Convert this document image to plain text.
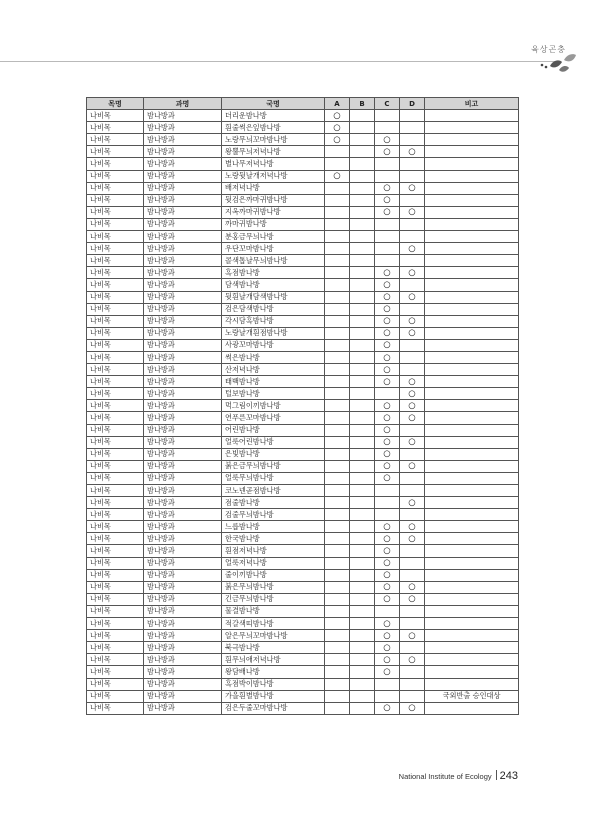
육상곤충
목명	과명	국명	A	B	C	D	비고
나비목	밤나방과	더리운밤나방	○				
나비목	밤나방과	흰줄썩은잎밤나방	○				
나비목	밤나방과	노랑무늬꼬마밤나방	○		○		
나비목	밤나방과	왕뿔무늬저녁나방			○	○	
나비목	밤나방과	별나무저녁나방					
나비목	밤나방과	노랑뒷날개저녁나방	○				
나비목	밤나방과	배저녁나방			○	○	
나비목	밤나방과	뒷검은까마귀밤나방			○		
나비목	밤나방과	지옥까마귀밤나방			○	○	
나비목	밤나방과	까마귀밤나방					
나비목	밤나방과	분홍금무늬나방					
나비목	밤나방과	우단꼬마밤나방				○	
나비목	밤나방과	콜색톱날무늬밤나방					
나비목	밤나방과	흑점밤나방			○	○	
나비목	밤나방과	담색밤나방			○		
나비목	밤나방과	뒷흰날개담색밤나방			○	○	
나비목	밤나방과	검은담색밤나방			○		
나비목	밤나방과	각시담흑밤나방			○	○	
나비목	밤나방과	노랑날개흰점밤나방			○	○	
나비목	밤나방과	사광꼬마밤나방			○		
나비목	밤나방과	썩은밤나방			○		
나비목	밤나방과	산저녁나방			○		
나비목	밤나방과	태백밤나방			○	○	
나비목	밤나방과	털보밤나방				○	
나비목	밤나방과	먹그림이끼밤나방			○	○	
나비목	밤나방과	연푸른꼬마밤나방			○	○	
나비목	밤나방과	어린밤나방			○		
나비목	밤나방과	얼룩어린밤나방			○	○	
나비목	밤나방과	은빛밤나방			○		
나비목	밤나방과	붉은금무늬밤나방			○	○	
나비목	밤나방과	얼룩무늬밤나방			○		
나비목	밤나방과	코노넨곧점밤나방					
나비목	밤나방과	점줄밤나방				○	
나비목	밤나방과	검줄무늬밤나방					
나비목	밤나방과	느릅밤나방			○	○	
나비목	밤나방과	한국밤나방			○	○	
나비목	밤나방과	흰점저녁나방			○		
나비목	밤나방과	얼룩저녁나방			○		
나비목	밤나방과	줄이끼밤나방			○		
나비목	밤나방과	붉은무늬밤나방			○	○	
나비목	밤나방과	긴금무늬밤나방			○	○	
나비목	밤나방과	물결밤나방					
나비목	밤나방과	적갈색띠밤나방			○		
나비목	밤나방과	알은무늬꼬마밤나방			○	○	
나비목	밤나방과	북극밤나방			○		
나비목	밤나방과	흰무늬애저녁나방			○	○	
나비목	밤나방과	왕담배나방			○		
나비목	밤나방과	흑점박이밤나방					
나비목	밤나방과	가을흰별밤나방					국외반출 승인대상
나비목	밤나방과	검은두줄꼬마밤나방			○	○	
National Institute of Ecology 243
